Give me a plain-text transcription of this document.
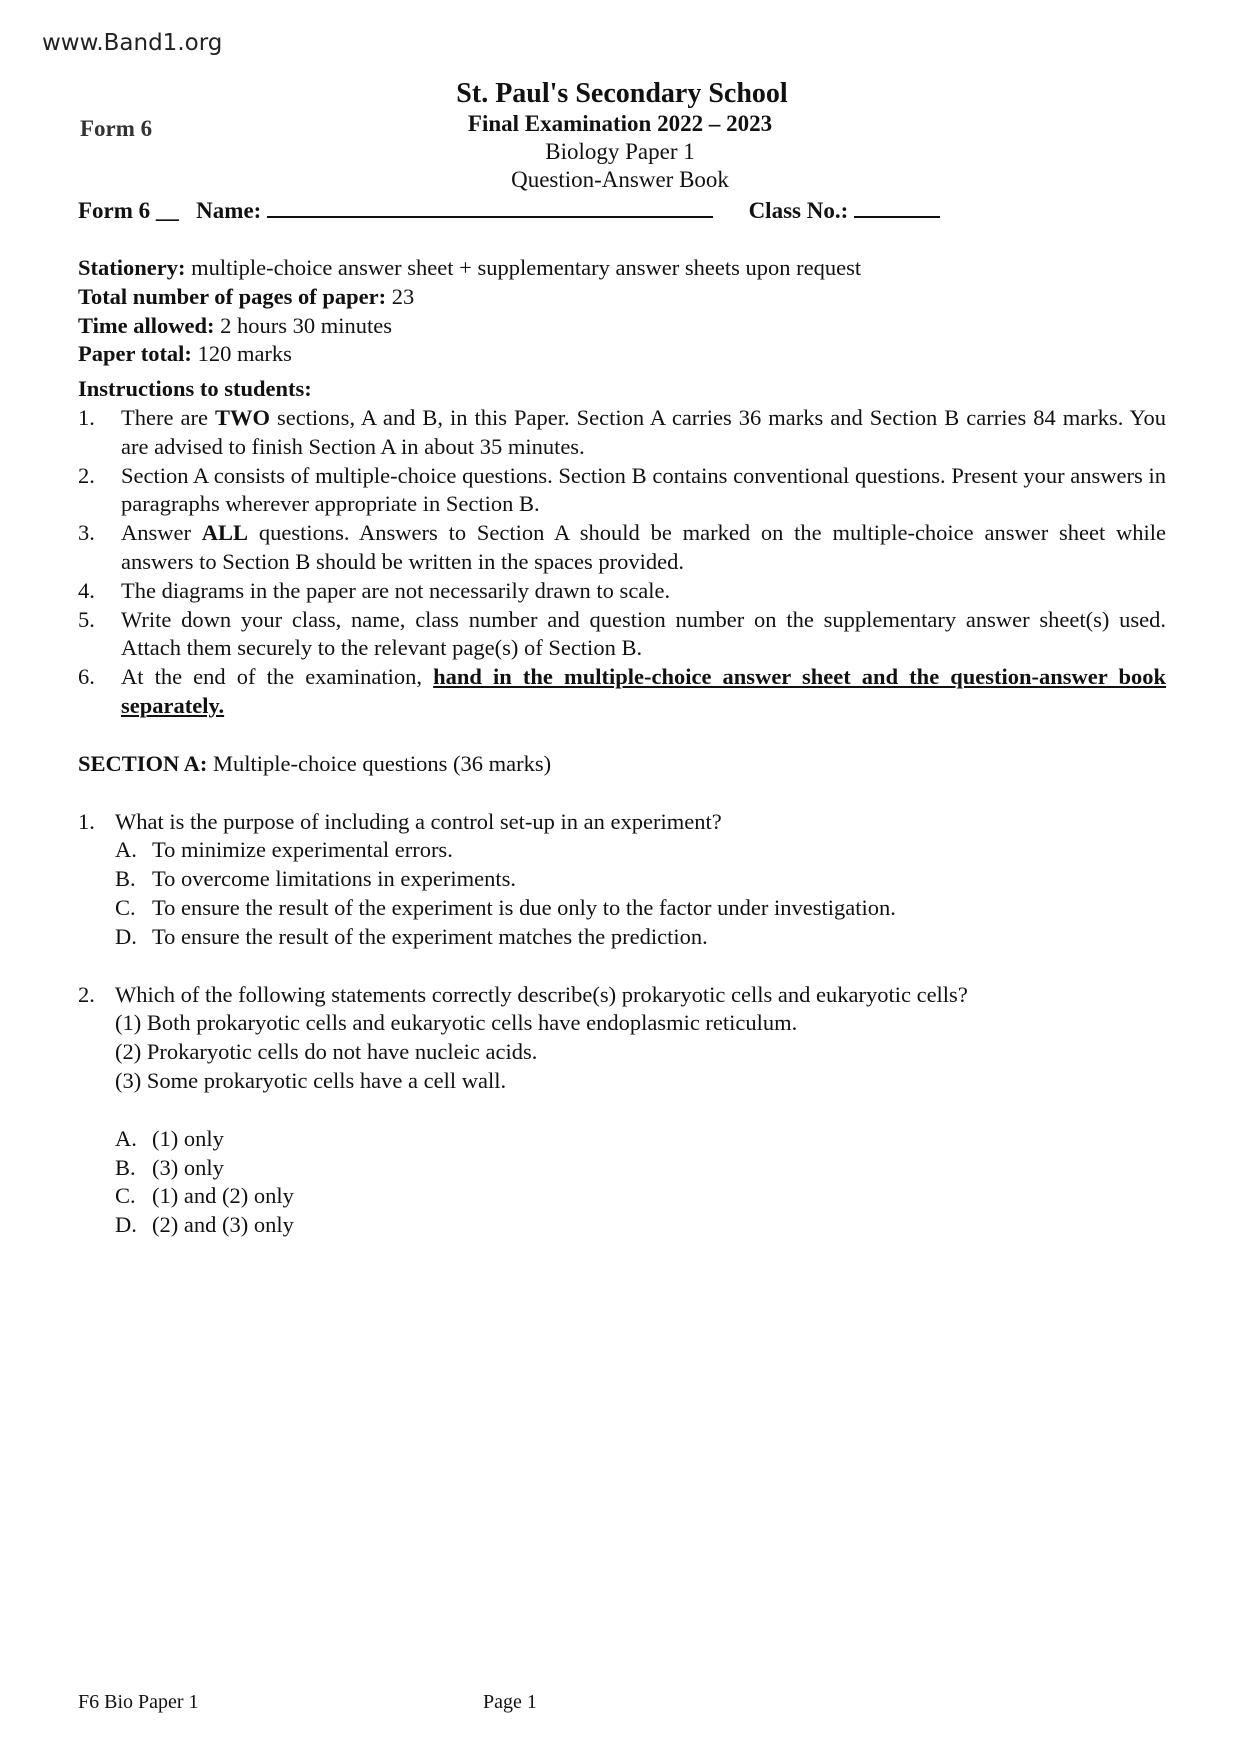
www.Band1.org
Form 6
St. Paul's Secondary School
Final Examination 2022 – 2023
Biology Paper 1
Question-Answer Book
Form 6 __ Name:	Class No.:

Stationery: multiple-choice answer sheet + supplementary answer sheets upon request

Total number of pages of paper: 23

Time allowed: 2 hours 30 minutes

Paper total: 120 marks

Instructions to students:

1. There are TWO sections, A and B, in this Paper. Section A carries 36 marks and Section B carries 84 marks. You are advised to finish Section A in about 35 minutes.
2. Section A consists of multiple-choice questions. Section B contains conventional questions. Present your answers in paragraphs wherever appropriate in Section B.
3. Answer ALL questions. Answers to Section A should be marked on the multiple-choice answer sheet while answers to Section B should be written in the spaces provided.
4. The diagrams in the paper are not necessarily drawn to scale.
5. Write down your class, name, class number and question number on the supplementary answer sheet(s) used. Attach them securely to the relevant page(s) of Section B.
6. At the end of the examination, hand in the multiple-choice answer sheet and the question-answer book separately.

SECTION A: Multiple-choice questions (36 marks)

1. What is the purpose of including a control set-up in an experiment?
A. To minimize experimental errors.
B. To overcome limitations in experiments.
C. To ensure the result of the experiment is due only to the factor under investigation.
D. To ensure the result of the experiment matches the prediction.
2. Which of the following statements correctly describe(s) prokaryotic cells and eukaryotic cells?
(1) Both prokaryotic cells and eukaryotic cells have endoplasmic reticulum.
(2) Prokaryotic cells do not have nucleic acids.
(3) Some prokaryotic cells have a cell wall.
A. (1) only
B. (3) only
C. (1) and (2) only
D. (2) and (3) only
F6 Bio Paper 1	Page 1
